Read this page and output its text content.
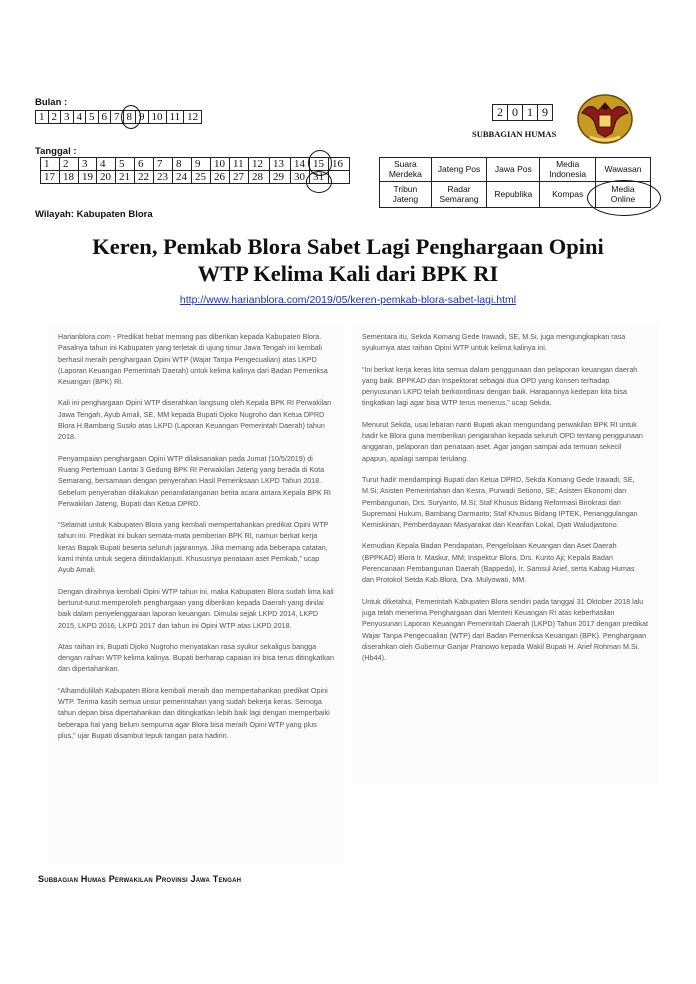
Bulan :
1	2	3	4	5	6	7	8	9	10	11	12	2	0	1	9
SUBBAGIAN HUMAS
Tanggal :
1	2	3	4	5	6	7	8	9	10	11	12	13	14	15	16
17	18	19	20	21	22	23	24	25	26	27	28	29	30	31	
Suara Merdeka	Jateng Pos	Jawa Pos	Media Indonesia	Wawasan
Tribun Jateng	Radar Semarang	Republika	Kompas	Media Online
Wilayah: Kabupaten Blora
Keren, Pemkab Blora Sabet Lagi Penghargaan Opini
WTP Kelima Kali dari BPK RI
http://www.harianblora.com/2019/05/keren-pemkab-blora-sabet-lagi.html

Harianblora.com - Predikat hebat memang pas diberikan kepada Kabupaten Blora. Pasalnya tahun ini Kabupaten yang terletak di ujung timur Jawa Tengah ini kembali berhasil meraih penghargaan Opini WTP (Wajar Tanpa Pengecualian) atas LKPD (Laporan Keuangan Pemerintah Daerah) untuk kelima kalinya dari Badan Pemeriksa Keuangan (BPK) RI.

Kali ini penghargaan Opini WTP diserahkan langsung oleh Kepala BPK RI Perwakilan Jawa Tengah, Ayub Amali, SE, MM kepada Bupati Djoko Nugroho dan Ketua DPRD Blora H.Bambang Susilo atas LKPD (Laporan Keuangan Pemerintah Daerah) tahun 2018.

Penyampaian penghargaan Opini WTP dilaksanakan pada Jumat (10/5/2019) di Ruang Pertemuan Lantai 3 Gedung BPK RI Perwakilan Jateng yang berada di Kota Semarang, bersamaan dengan penyerahan Hasil Pemeriksaan LKPD Tahun 2018. Sebelum penyerahan dilakukan penandatanganan berita acara antara Kepala BPK RI Perwakilan Jateng, Bupati dan Ketua DPRD.

“Selamat untuk Kabupaten Blora yang kembali mempertahankan predikat Opini WTP tahun ini. Predikat ini bukan semata-mata pemberian BPK RI, namun berkat kerja keras Bapak Bupati beserta seluruh jajarannya. Jika memang ada beberapa catatan, kami minta untuk segera ditindaklanjuti. Khususnya penataan aset Pemkab,” ucap Ayub Amali.

Dengan diraihnya kembali Opini WTP tahun ini, maka Kabupaten Blora sudah lima kali berturut-turut memperoleh penghargaan yang diberikan kepada Daerah yang dinilai baik dalam penyelenggaraan laporan keuangan. Dimulai sejak LKPD 2014, LKPD 2015, LKPD 2016, LKPD 2017 dan tahun ini Opini WTP atas LKPD 2018.

Atas raihan ini, Bupati Djoko Nugroho menyatakan rasa syukur sekaligus bangga dengan raihan WTP kelima kalinya. Bupati berharap capaian ini bisa terus ditingkatkan dan dipertahankan.

“Alhamdulillah Kabupaten Blora kembali meraih dan mempertahankan predikat Opini WTP. Terima kasih semua unsur pemerintahan yang sudah bekerja keras. Semoga tahun depan bisa dipertahankan dan ditingkatkan lebih baik lagi dengan memperbaiki beberapa hal yang belum sempurna agar Blora bisa meraih Opini WTP yang plus plus,” ujar Bupati disambut tepuk tangan para hadirin.

Sementara itu, Sekda Komang Gede Irawadi, SE, M.Si, juga mengungkapkan rasa syukurnya atas raihan Opini WTP untuk kelima kalinya ini.

“Ini berkat kerja keras kita semua dalam penggunaan dan pelaporan keuangan daerah yang baik. BPPKAD dan Inspektorat sebagai dua OPD yang konsen terhadap penyusunan LKPD telah berkoordinasi dengan baik. Harapannya kedepan kita bisa tingkatkan lagi agar bisa WTP terus menerus,” ucap Sekda.

Menurut Sekda, usai lebaran nanti Bupati akan mengundang perwakilan BPK RI untuk hadir ke Blora guna memberikan pengarahan kepada seluruh OPD tentang penggunaan anggaran, pelaporan dan penataan aset. Agar jangan sampai ada temuan sekecil apapun, apalagi sampai terulang.

Turut hadir mendampingi Bupati dan Ketua DPRD, Sekda Komang Gede Irawadi, SE, M.Si; Asisten Pemerintahan dan Kesra, Purwadi Setiono, SE; Asisten Ekonomi dan Pembangunan, Drs. Suryanto, M.Si; Staf Khusus Bidang Reformasi Birokrasi dan Supremasi Hukum, Bambang Darmanto; Staf Khusus Bidang IPTEK, Penanggulangan Kemiskinan, Pemberdayaan Masyarakat dan Kearifan Lokal, Djati Waludjastono.

Kemudian Kepala Badan Pendapatan, Pengelolaan Keuangan dan Aset Daerah (BPPKAD) Blora Ir. Maskur, MM; Inspektur Blora, Drs. Kunto Aji; Kepala Badan Perencanaan Pembangunan Daerah (Bappeda), Ir. Samsul Arief, serta Kabag Humas dan Protokol Setda Kab.Blora, Dra. Mulyowati, MM.

Untuk diketahui, Pemerintah Kabupaten Blora sendiri pada tanggal 31 Oktober 2018 lalu juga telah menerima Penghargaan dari Menteri Keuangan RI atas keberhasilan Penyusunan Laporan Keuangan Pemerintah Daerah (LKPD) Tahun 2017 dengan predikat Wajar Tanpa Pengecualian (WTP) dari Badan Pemeriksa Keuangan (BPK). Penghargaan diserahkan oleh Gubernur Ganjar Pranowo kepada Wakil Bupati H. Arief Rohman M.Si. (Hb44).

Subbagian Humas Perwakilan Provinsi Jawa Tengah
